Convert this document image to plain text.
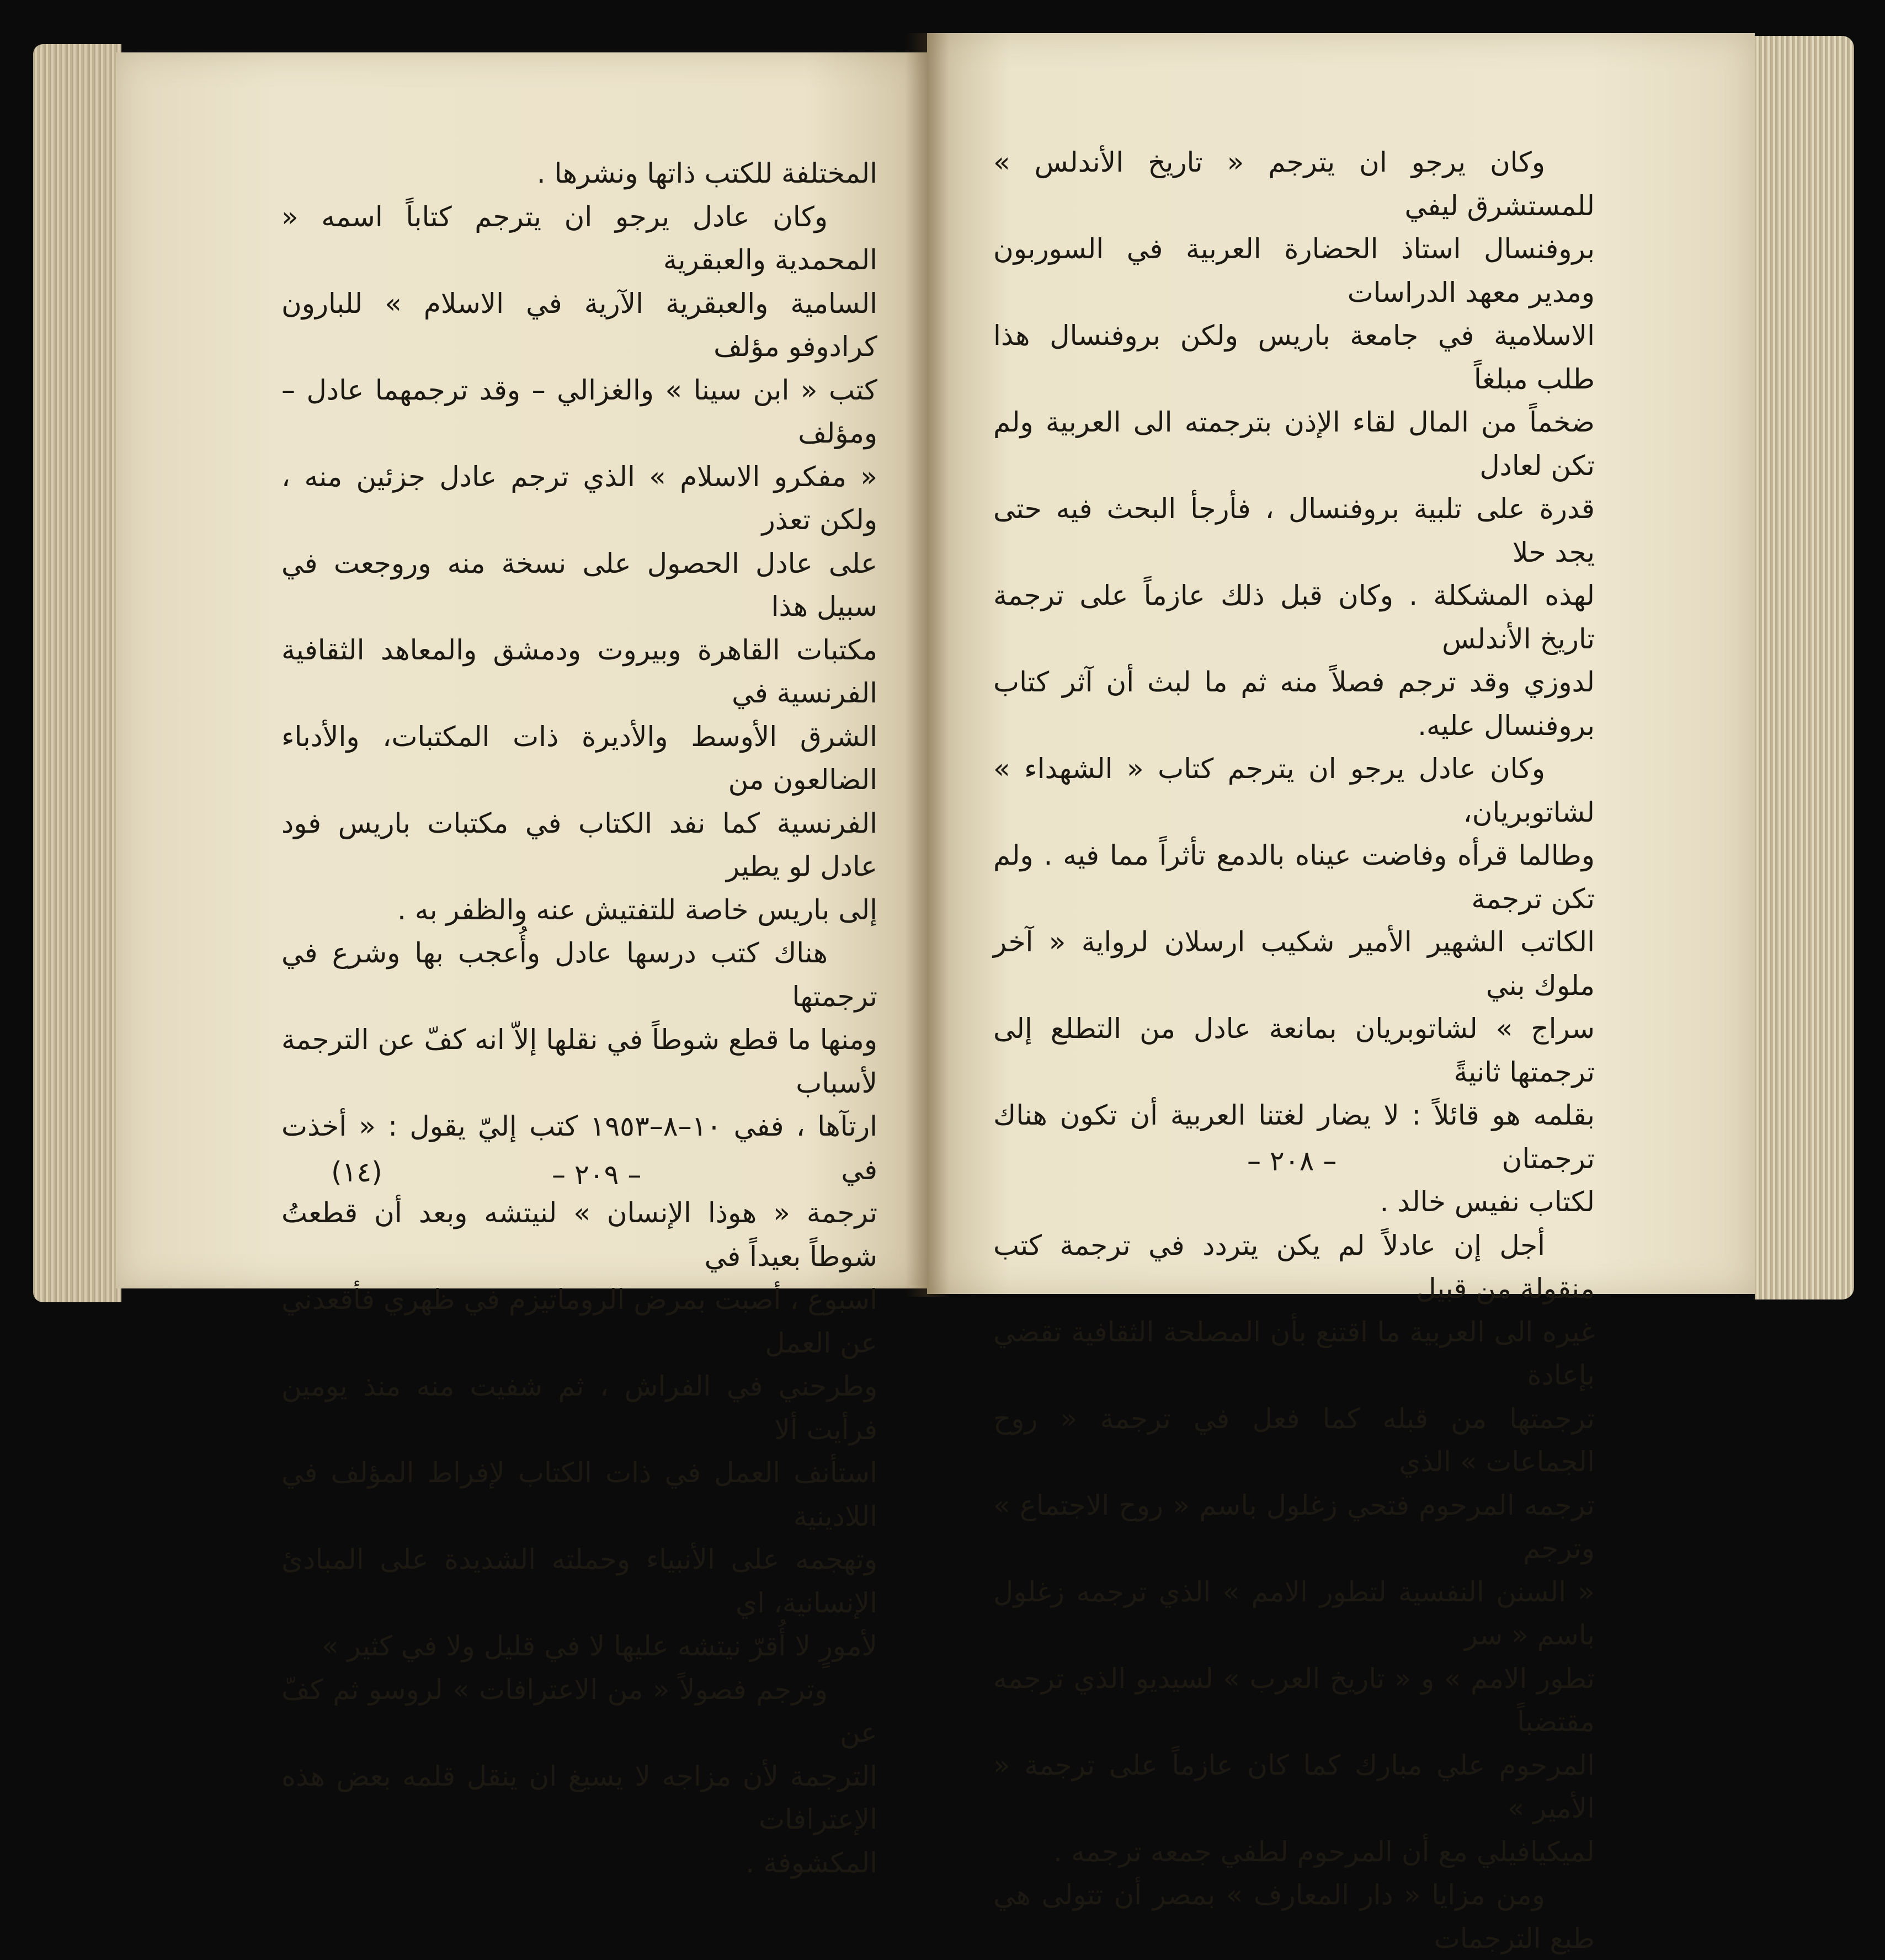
المختلفة للكتب ذاتها ونشرها .

وكان عادل يرجو ان يترجم كتاباً اسمه « المحمدية والعبقرية

السامية والعبقرية الآرية في الاسلام » للبارون كرادوفو مؤلف

كتب « ابن سينا » والغزالي – وقد ترجمهما عادل – ومؤلف

« مفكرو الاسلام » الذي ترجم عادل جزئين منه ، ولكن تعذر

على عادل الحصول على نسخة منه وروجعت في سبيل هذا

مكتبات القاهرة وبيروت ودمشق والمعاهد الثقافية الفرنسية في

الشرق الأوسط والأديرة ذات المكتبات، والأدباء الضالعون من

الفرنسية كما نفد الكتاب في مكتبات باريس فود عادل لو يطير

إلى باريس خاصة للتفتيش عنه والظفر به .

هناك كتب درسها عادل وأُعجب بها وشرع في ترجمتها

ومنها ما قطع شوطاً في نقلها إلاّ انه كفّ عن الترجمة لأسباب

ارتآها ، ففي ١٠–٨–١٩٥٣ كتب إليّ يقول : « أخذت في

ترجمة « هوذا الإنسان » لنيتشه وبعد أن قطعتُ شوطاً بعيداً في

اسبوع ، أصبت بمرض الروماتيزم في ظهري فأقعدني عن العمل

وطرحني في الفراش ، ثم شفيت منه منذ يومين فرأيت ألا

استأنف العمل في ذات الكتاب لإفراط المؤلف في اللادينية

وتهجمه على الأنبياء وحملته الشديدة على المبادئ الإنسانية، اي

لأمورٍ لا أُقرّ نيتشه عليها لا في قليل ولا في كثير »

وترجم فصولاً « من الاعترافات » لروسو ثم كفّ عن

الترجمة لأن مزاجه لا يسيغ ان ينقل قلمه بعض هذه الإعترافات

المكشوفة .

– ٢٠٩ –
(١٤)

وكان يرجو ان يترجم « تاريخ الأندلس » للمستشرق ليفي

بروفنسال استاذ الحضارة العربية في السوربون ومدير معهد الدراسات

الاسلامية في جامعة باريس ولكن بروفنسال هذا طلب مبلغاً

ضخماً من المال لقاء الإذن بترجمته الى العربية ولم تكن لعادل

قدرة على تلبية بروفنسال ، فأرجأ البحث فيه حتى يجد حلا

لهذه المشكلة . وكان قبل ذلك عازماً على ترجمة تاريخ الأندلس

لدوزي وقد ترجم فصلاً منه ثم ما لبث أن آثر كتاب بروفنسال عليه.

وكان عادل يرجو ان يترجم كتاب « الشهداء » لشاتوبريان،

وطالما قرأه وفاضت عيناه بالدمع تأثراً مما فيه . ولم تكن ترجمة

الكاتب الشهير الأمير شكيب ارسلان لرواية « آخر ملوك بني

سراج » لشاتوبريان بمانعة عادل من التطلع إلى ترجمتها ثانيةً

بقلمه هو قائلاً : لا يضار لغتنا العربية أن تكون هناك ترجمتان

لكتاب نفيس خالد .

أجل إن عادلاً لم يكن يتردد في ترجمة كتب منقولة من قبيل

غيره الى العربية ما اقتنع بأن المصلحة الثقافية تقضي بإعادة

ترجمتها من قبله كما فعل في ترجمة « روح الجماعات » الذي

ترجمه المرحوم فتحي زغلول باسم « روح الاجتماع » وترجم

« السنن النفسية لتطور الامم » الذي ترجمه زغلول باسم « سر

تطور الامم » و « تاريخ العرب » لسيديو الذي ترجمه مقتضباً

المرحوم علي مبارك كما كان عازماً على ترجمة « الأمير »

لميكيافيلي مع أن المرحوم لطفي جمعه ترجمه .

ومن مزايا « دار المعارف » بمصر أن تتولى هي طبع الترجمات

– ٢٠٨ –
